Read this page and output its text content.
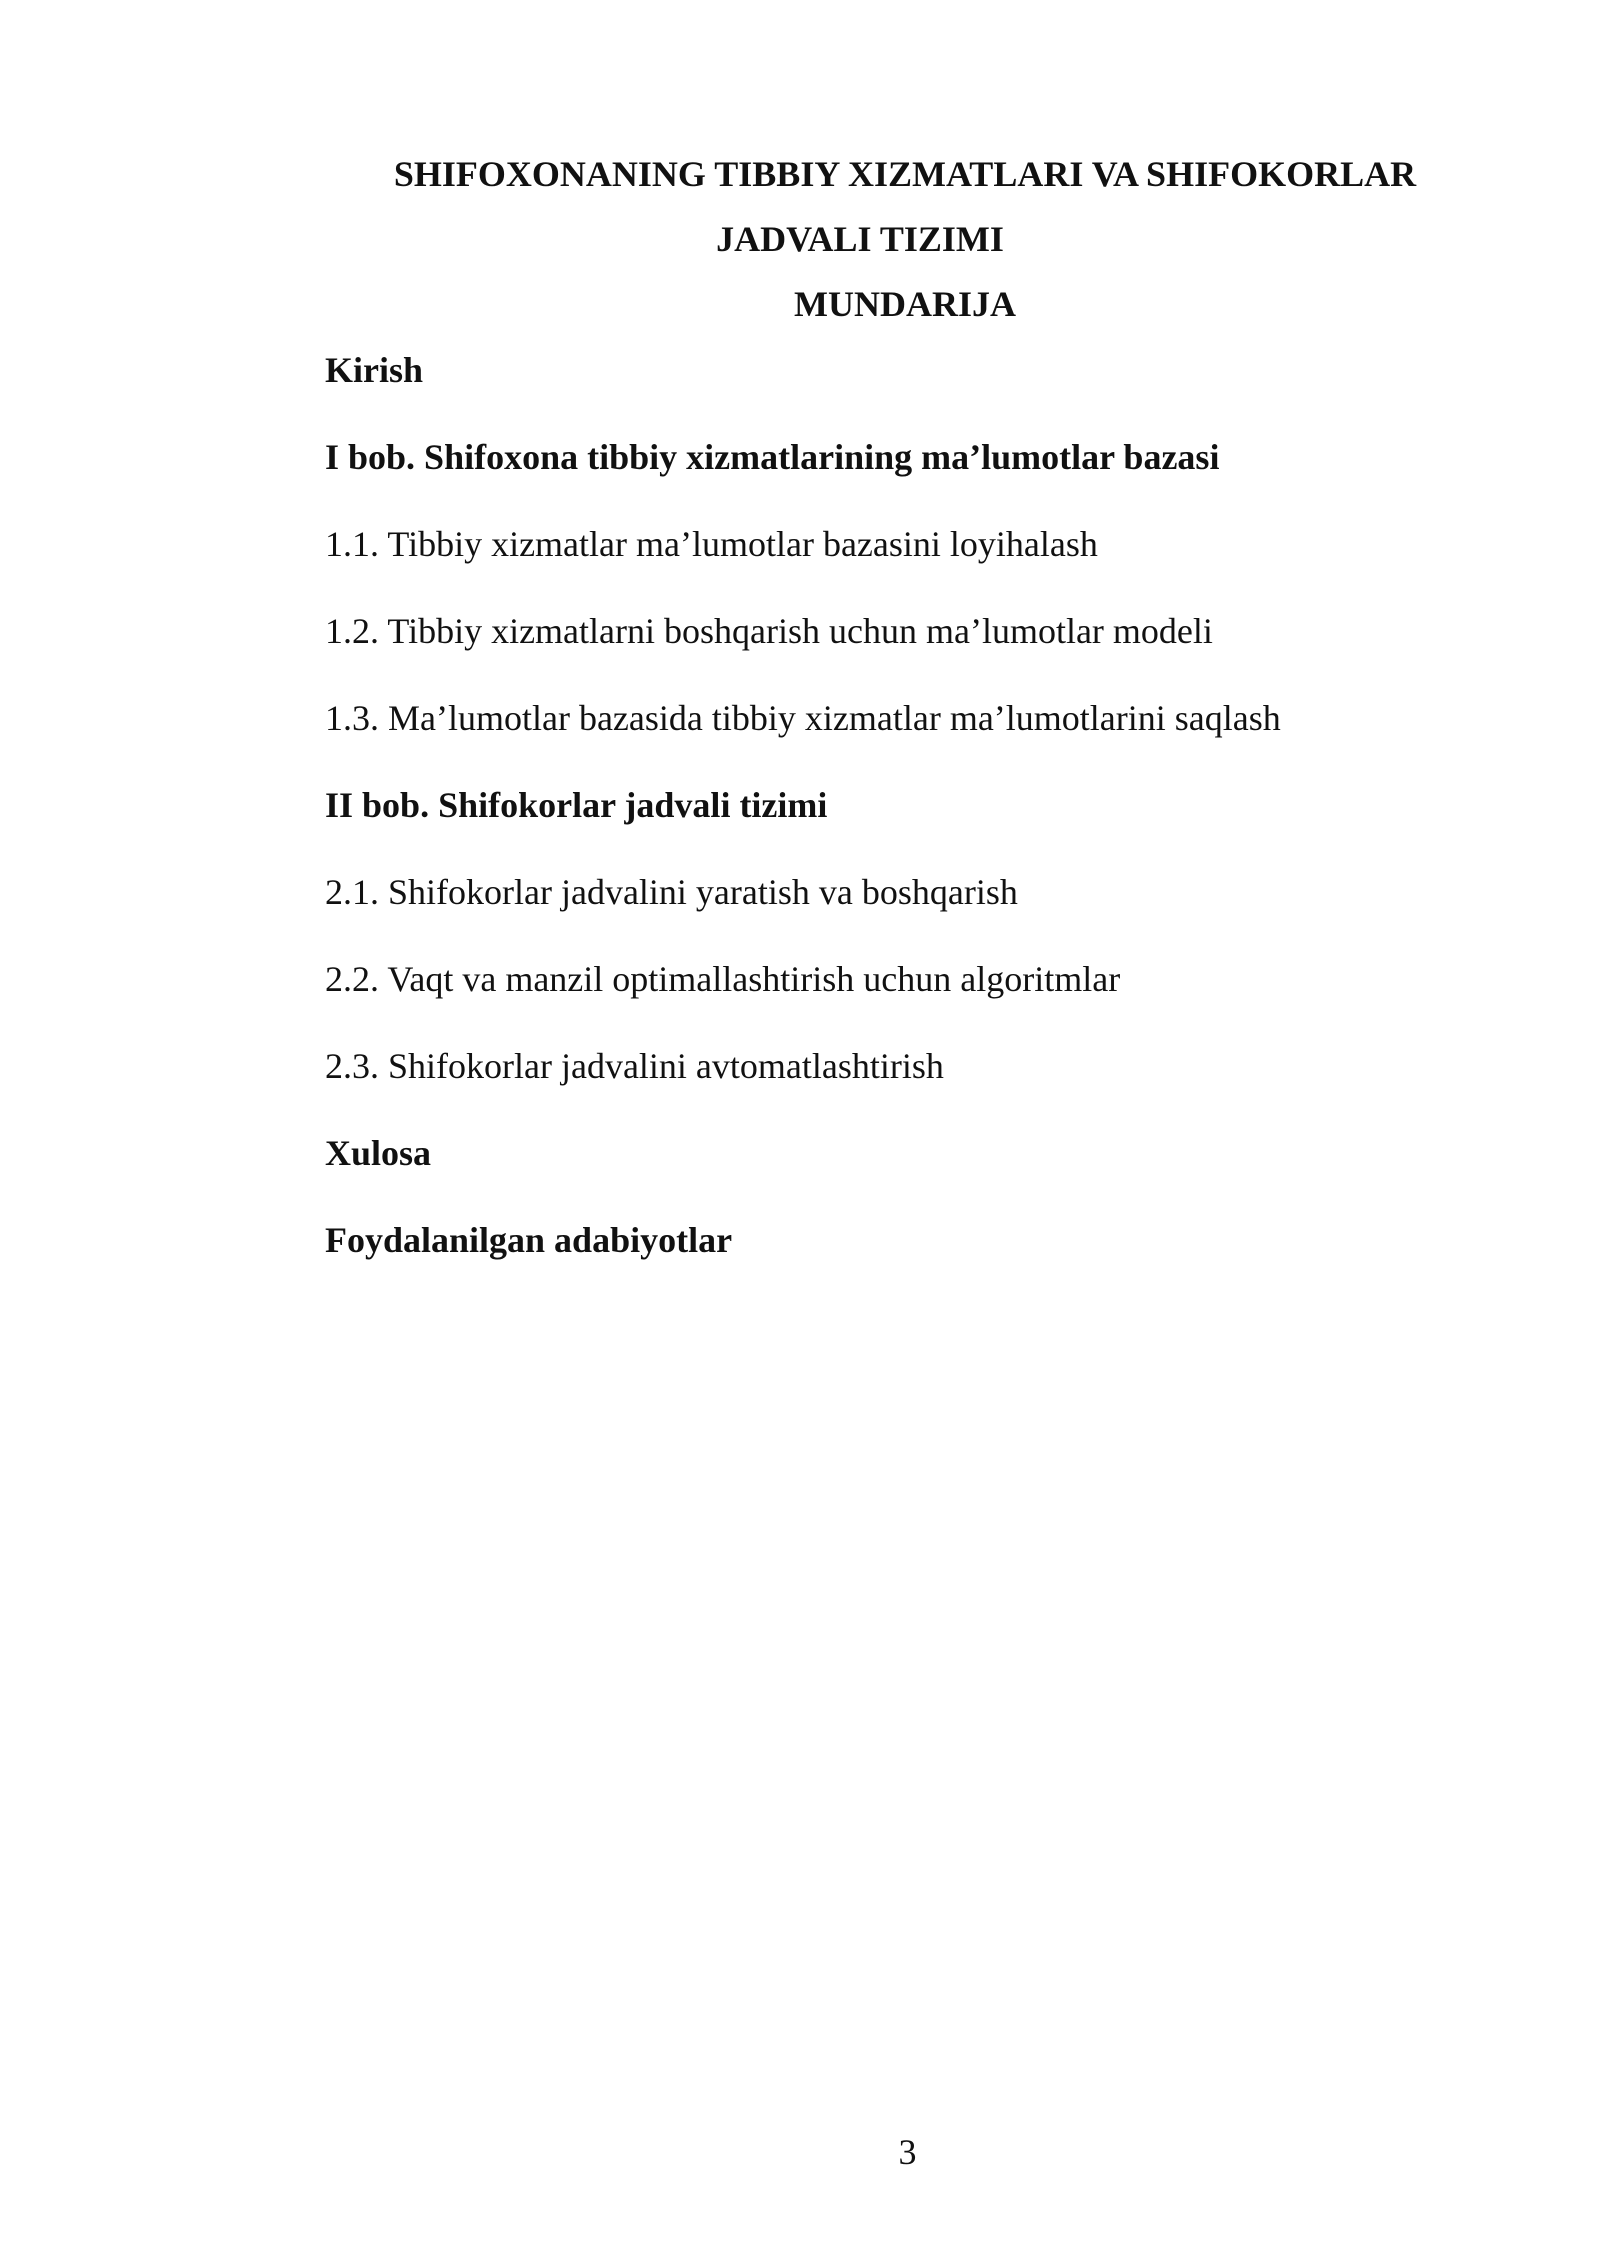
SHIFOXONANING TIBBIY XIZMATLARI VA SHIFOKORLAR
JADVALI TIZIMI
MUNDARIJA
Kirish
I bob. Shifoxona tibbiy xizmatlarining ma’lumotlar bazasi
1.1. Tibbiy xizmatlar ma’lumotlar bazasini loyihalash
1.2. Tibbiy xizmatlarni boshqarish uchun ma’lumotlar modeli
1.3. Ma’lumotlar bazasida tibbiy xizmatlar ma’lumotlarini saqlash
II bob. Shifokorlar jadvali tizimi
2.1. Shifokorlar jadvalini yaratish va boshqarish
2.2. Vaqt va manzil optimallashtirish uchun algoritmlar
2.3. Shifokorlar jadvalini avtomatlashtirish
Xulosa
Foydalanilgan adabiyotlar
3
